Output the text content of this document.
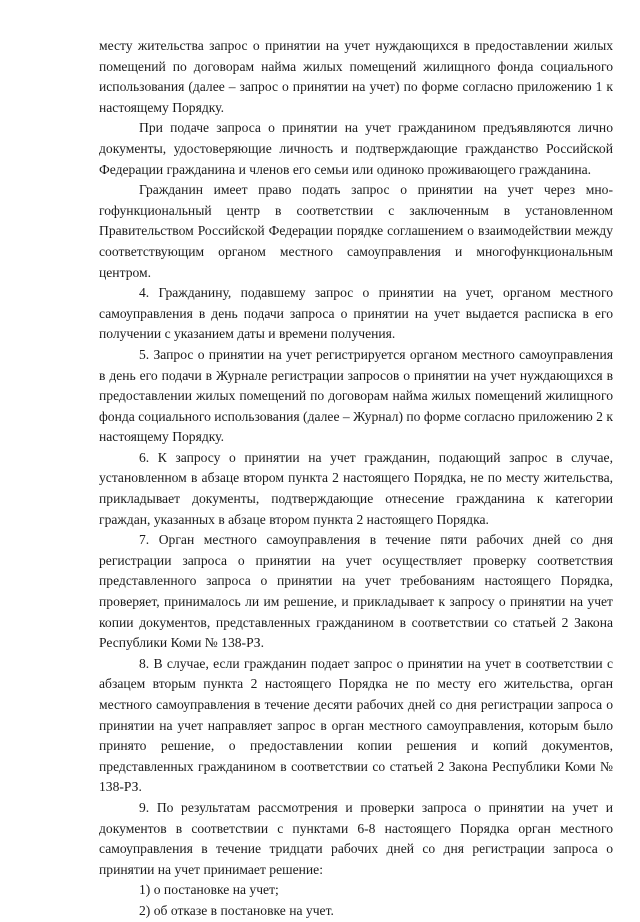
месту жительства запрос о принятии на учет нуждающихся в предоставлении жилых помещений по договорам найма жилых помещений жилищного фонда социального использования (далее – запрос о принятии на учет) по форме согласно приложению 1 к настоящему Порядку.

При подаче запроса о принятии на учет гражданином предъявляются лично документы, удостоверяющие личность и подтверждающие гражданство Российской Федерации гражданина и членов его семьи или одиноко проживающего гражданина.

Гражданин имеет право подать запрос о принятии на учет через многофункциональный центр в соответствии с заключенным в установленном Правительством Российской Федерации порядке соглашением о взаимодействии между соответствующим органом местного самоуправления и многофункциональным центром.

4. Гражданину, подавшему запрос о принятии на учет, органом местного самоуправления в день подачи запроса о принятии на учет выдается расписка в его получении с указанием даты и времени получения.

5. Запрос о принятии на учет регистрируется органом местного самоуправления в день его подачи в Журнале регистрации запросов о принятии на учет нуждающихся в предоставлении жилых помещений по договорам найма жилых помещений жилищного фонда социального использования (далее – Журнал) по форме согласно приложению 2 к настоящему Порядку.

6. К запросу о принятии на учет гражданин, подающий запрос в случае, установленном в абзаце втором пункта 2 настоящего Порядка, не по месту жительства, прикладывает документы, подтверждающие отнесение гражданина к категории граждан, указанных в абзаце втором пункта 2 настоящего Порядка.

7. Орган местного самоуправления в течение пяти рабочих дней со дня регистрации запроса о принятии на учет осуществляет проверку соответствия представленного запроса о принятии на учет требованиям настоящего Порядка, проверяет, принималось ли им решение, и прикладывает к запросу о принятии на учет копии документов, представленных гражданином в соответствии со статьей 2 Закона Республики Коми № 138-РЗ.

8. В случае, если гражданин подает запрос о принятии на учет в соответствии с абзацем вторым пункта 2 настоящего Порядка не по месту его жительства, орган местного самоуправления в течение десяти рабочих дней со дня регистрации запроса о принятии на учет направляет запрос в орган местного самоуправления, которым было принято решение, о предоставлении копии решения и копий документов, представленных гражданином в соответствии со статьей 2 Закона Республики Коми № 138-РЗ.

9. По результатам рассмотрения и проверки запроса о принятии на учет и документов в соответствии с пунктами 6-8 настоящего Порядка орган местного самоуправления в течение тридцати рабочих дней со дня регистрации запроса о принятии на учет принимает решение:

1) о постановке на учет;

2) об отказе в постановке на учет.
